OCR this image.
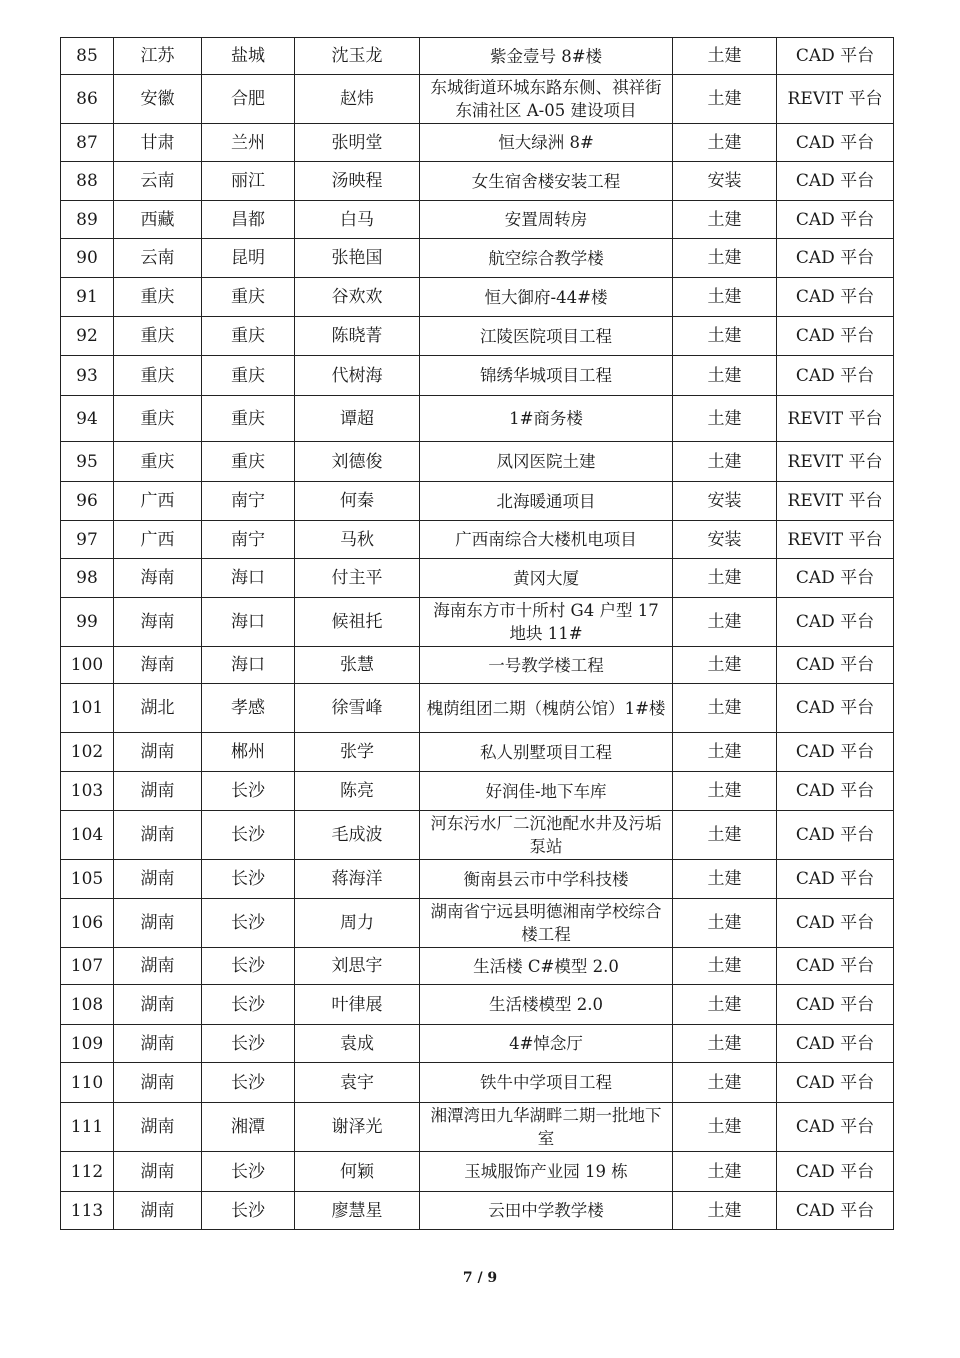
85	江苏	盐城	沈玉龙	紫金壹号 8#楼	土建	CAD 平台
86	安徽	合肥	赵炜	东城街道环城东路东侧、祺祥街东浦社区 A-05 建设项目	土建	REVIT 平台
87	甘肃	兰州	张明堂	恒大绿洲 8#	土建	CAD 平台
88	云南	丽江	汤映程	女生宿舍楼安装工程	安装	CAD 平台
89	西藏	昌都	白马	安置周转房	土建	CAD 平台
90	云南	昆明	张艳国	航空综合教学楼	土建	CAD 平台
91	重庆	重庆	谷欢欢	恒大御府-44#楼	土建	CAD 平台
92	重庆	重庆	陈晓菁	江陵医院项目工程	土建	CAD 平台
93	重庆	重庆	代树海	锦绣华城项目工程	土建	CAD 平台
94	重庆	重庆	谭超	1#商务楼	土建	REVIT 平台
95	重庆	重庆	刘德俊	凤冈医院土建	土建	REVIT 平台
96	广西	南宁	何秦	北海暖通项目	安装	REVIT 平台
97	广西	南宁	马秋	广西南综合大楼机电项目	安装	REVIT 平台
98	海南	海口	付主平	黄冈大厦	土建	CAD 平台
99	海南	海口	候祖托	海南东方市十所村 G4 户型 17 地块 11#	土建	CAD 平台
100	海南	海口	张慧	一号教学楼工程	土建	CAD 平台
101	湖北	孝感	徐雪峰	槐荫组团二期（槐荫公馆）1#楼	土建	CAD 平台
102	湖南	郴州	张学	私人别墅项目工程	土建	CAD 平台
103	湖南	长沙	陈亮	好润佳-地下车库	土建	CAD 平台
104	湖南	长沙	毛成波	河东污水厂二沉池配水井及污垢泵站	土建	CAD 平台
105	湖南	长沙	蒋海洋	衡南县云市中学科技楼	土建	CAD 平台
106	湖南	长沙	周力	湖南省宁远县明德湘南学校综合楼工程	土建	CAD 平台
107	湖南	长沙	刘思宇	生活楼 C#模型 2.0	土建	CAD 平台
108	湖南	长沙	叶律展	生活楼模型 2.0	土建	CAD 平台
109	湖南	长沙	袁成	4#悼念厅	土建	CAD 平台
110	湖南	长沙	袁宇	铁牛中学项目工程	土建	CAD 平台
111	湖南	湘潭	谢泽光	湘潭湾田九华湖畔二期一批地下室	土建	CAD 平台
112	湖南	长沙	何颖	玉城服饰产业园 19 栋	土建	CAD 平台
113	湖南	长沙	廖慧星	云田中学教学楼	土建	CAD 平台
7 / 9
